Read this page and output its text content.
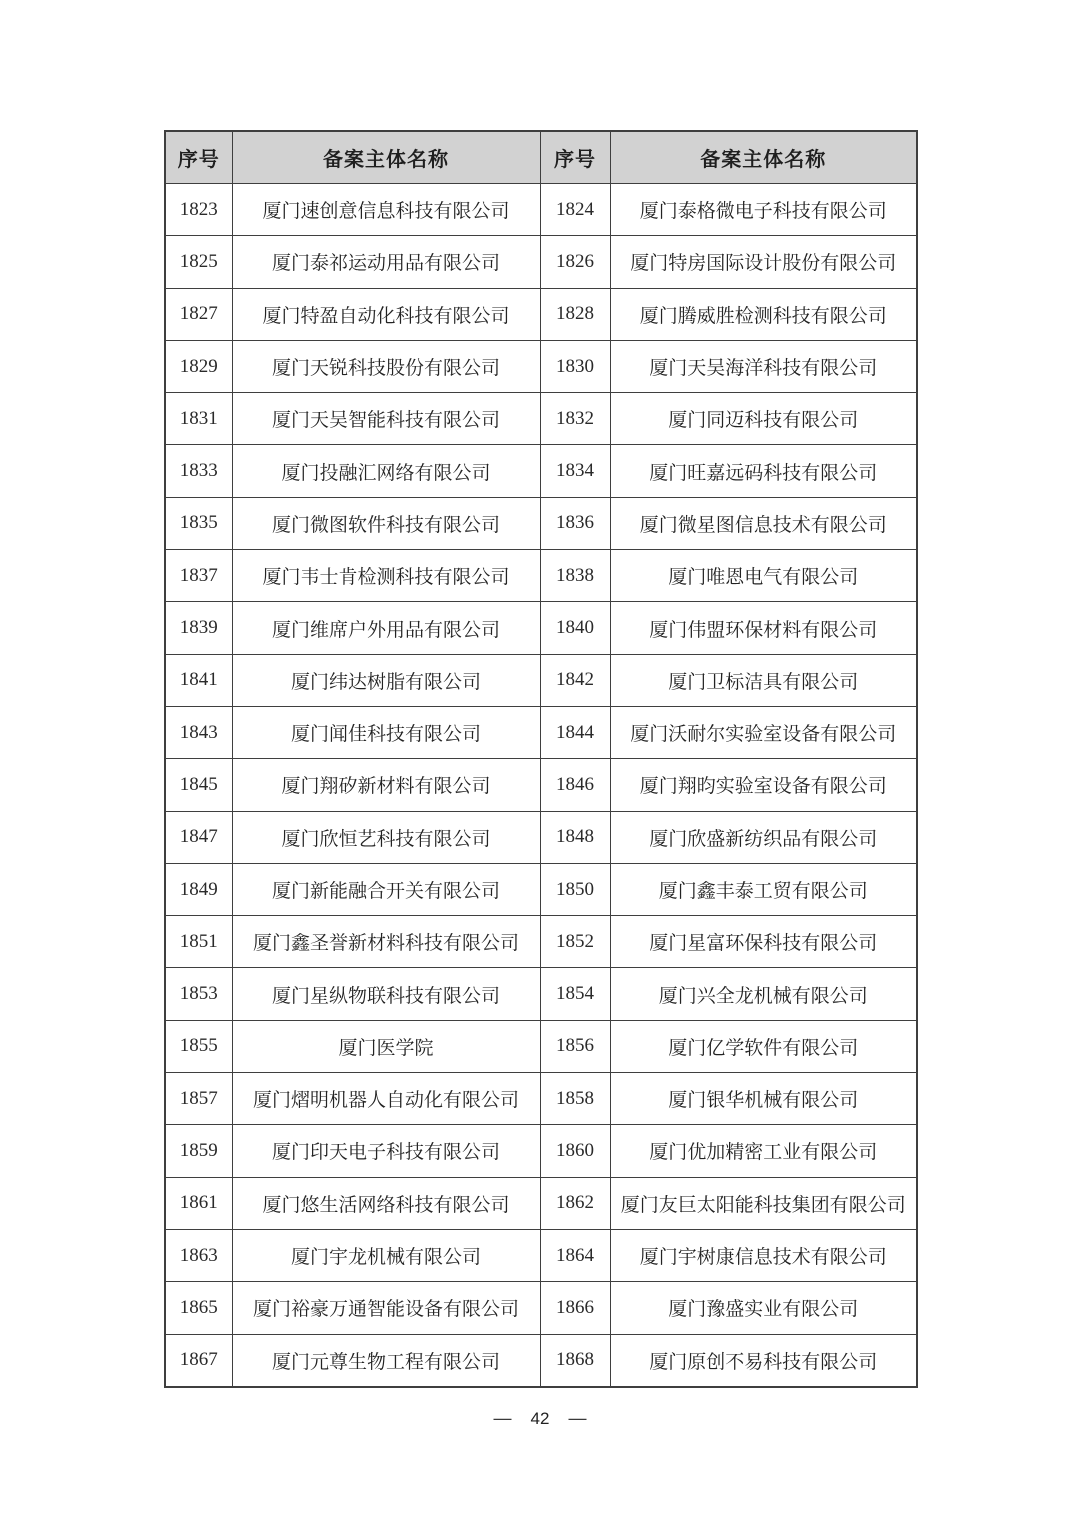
序号	备案主体名称	序号	备案主体名称
1823	厦门速创意信息科技有限公司	1824	厦门泰格微电子科技有限公司
1825	厦门泰祁运动用品有限公司	1826	厦门特房国际设计股份有限公司
1827	厦门特盈自动化科技有限公司	1828	厦门腾威胜检测科技有限公司
1829	厦门天锐科技股份有限公司	1830	厦门天吴海洋科技有限公司
1831	厦门天吴智能科技有限公司	1832	厦门同迈科技有限公司
1833	厦门投融汇网络有限公司	1834	厦门旺嘉远码科技有限公司
1835	厦门微图软件科技有限公司	1836	厦门微星图信息技术有限公司
1837	厦门韦士肯检测科技有限公司	1838	厦门唯恩电气有限公司
1839	厦门维席户外用品有限公司	1840	厦门伟盟环保材料有限公司
1841	厦门纬达树脂有限公司	1842	厦门卫标洁具有限公司
1843	厦门闻佳科技有限公司	1844	厦门沃耐尔实验室设备有限公司
1845	厦门翔矽新材料有限公司	1846	厦门翔昀实验室设备有限公司
1847	厦门欣恒艺科技有限公司	1848	厦门欣盛新纺织品有限公司
1849	厦门新能融合开关有限公司	1850	厦门鑫丰泰工贸有限公司
1851	厦门鑫圣誉新材料科技有限公司	1852	厦门星富环保科技有限公司
1853	厦门星纵物联科技有限公司	1854	厦门兴全龙机械有限公司
1855	厦门医学院	1856	厦门亿学软件有限公司
1857	厦门熠明机器人自动化有限公司	1858	厦门银华机械有限公司
1859	厦门印天电子科技有限公司	1860	厦门优加精密工业有限公司
1861	厦门悠生活网络科技有限公司	1862	厦门友巨太阳能科技集团有限公司
1863	厦门宇龙机械有限公司	1864	厦门宇树康信息技术有限公司
1865	厦门裕豪万通智能设备有限公司	1866	厦门豫盛实业有限公司
1867	厦门元尊生物工程有限公司	1868	厦门原创不易科技有限公司
— 42 —
